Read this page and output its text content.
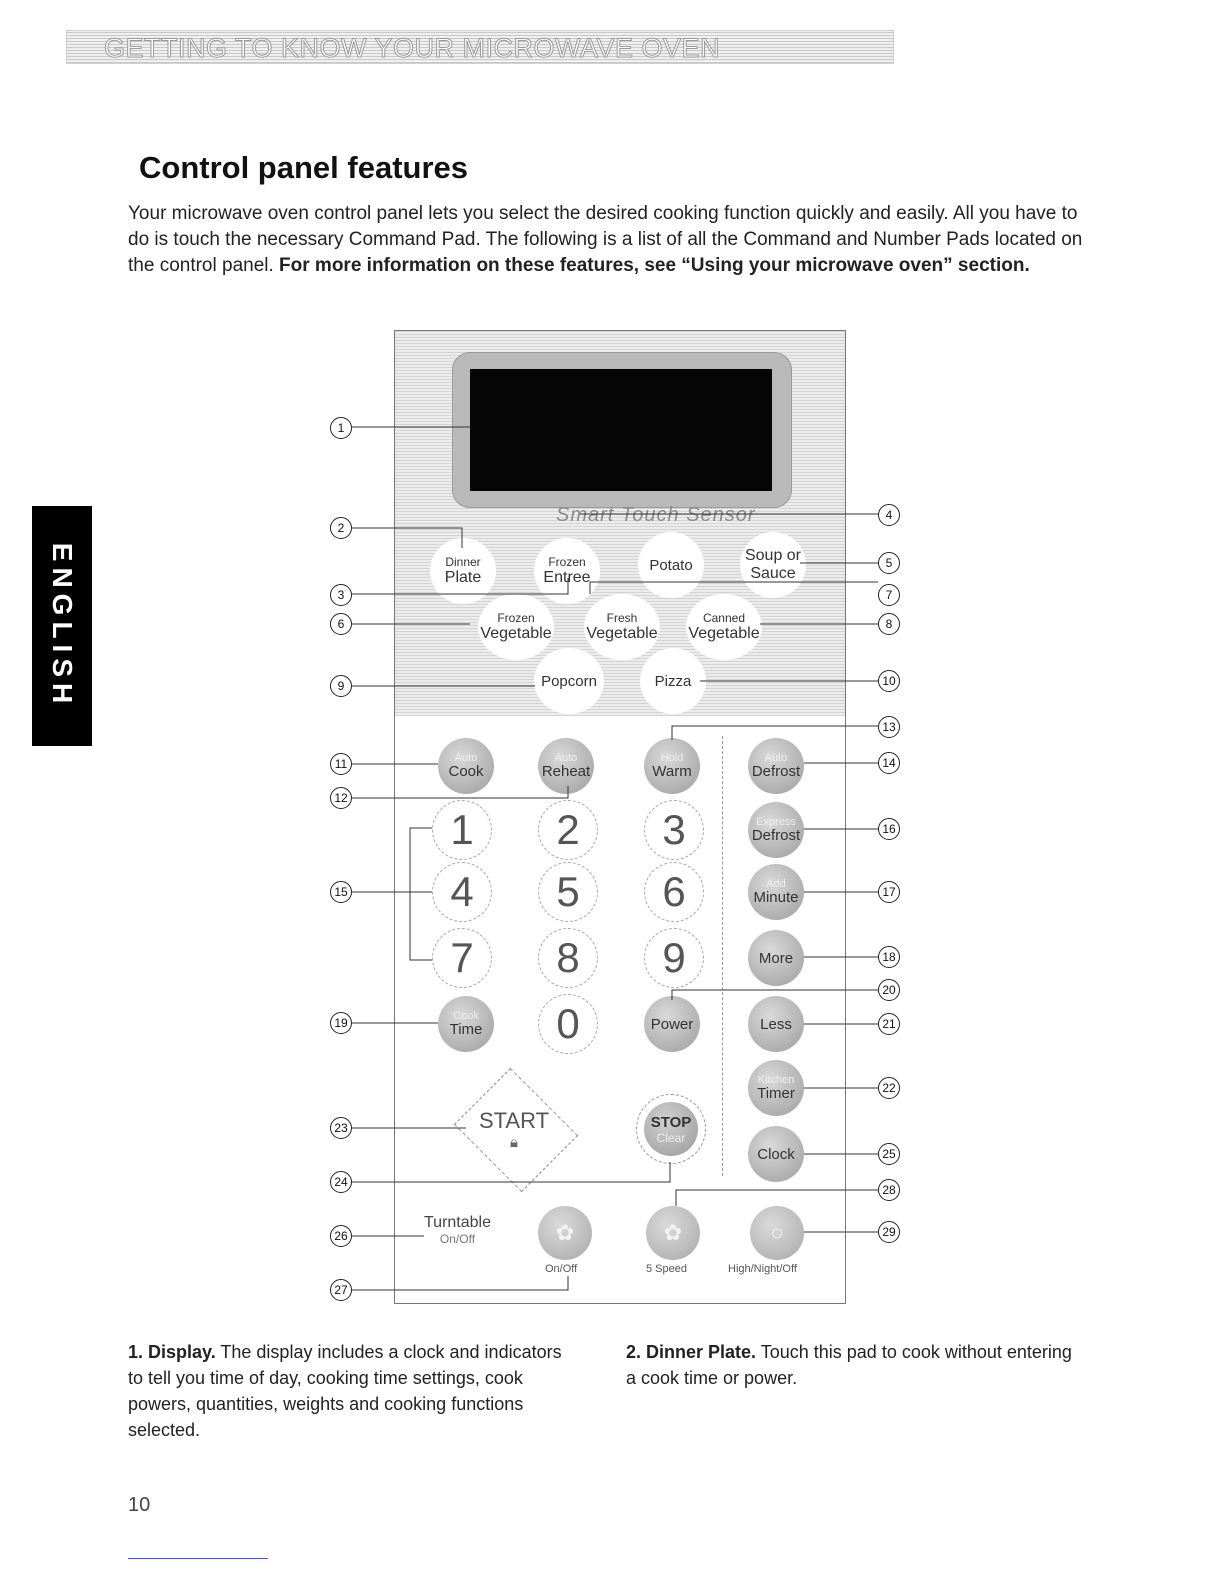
GETTING TO KNOW YOUR MICROWAVE OVEN
ENGLISH
Control panel features

Your microwave oven control panel lets you select the desired cooking function quickly and easily. All you have to do is touch the necessary Command Pad. The following is a list of all the Command and Number Pads located on the control panel. For more information on these features, see “Using your microwave oven” section.

Smart Touch Sensor
Dinner
Plate
Frozen
Entree
Potato
Soup or
Sauce
Frozen
Vegetable
Fresh
Vegetable
Canned
Vegetable
Popcorn	Pizza
Auto
Cook
Auto
Reheat
Hold
Warm
Auto
Defrost
Express
Defrost
Add
Minute
More
Cook
Time	Power	Less
Kitchen
Timer
Clock
1	2	3
4	5	6
7	8	9
0
START
🔒︎
STOP
Clear
Turntable
On/Off	✿	✿	○
On/Off	5 Speed	High/Night/Off
1
2
3
4
5
6
7
8
9	10
11
12
13
14
15
16
17
18
19
20
21
22
23
24
25
26
27
28
29

1. Display. The display includes a clock and indicators to tell you time of day, cooking time settings, cook powers, quantities, weights and cooking functions selected.

2. Dinner Plate. Touch this pad to cook without entering a cook time or power.

10
